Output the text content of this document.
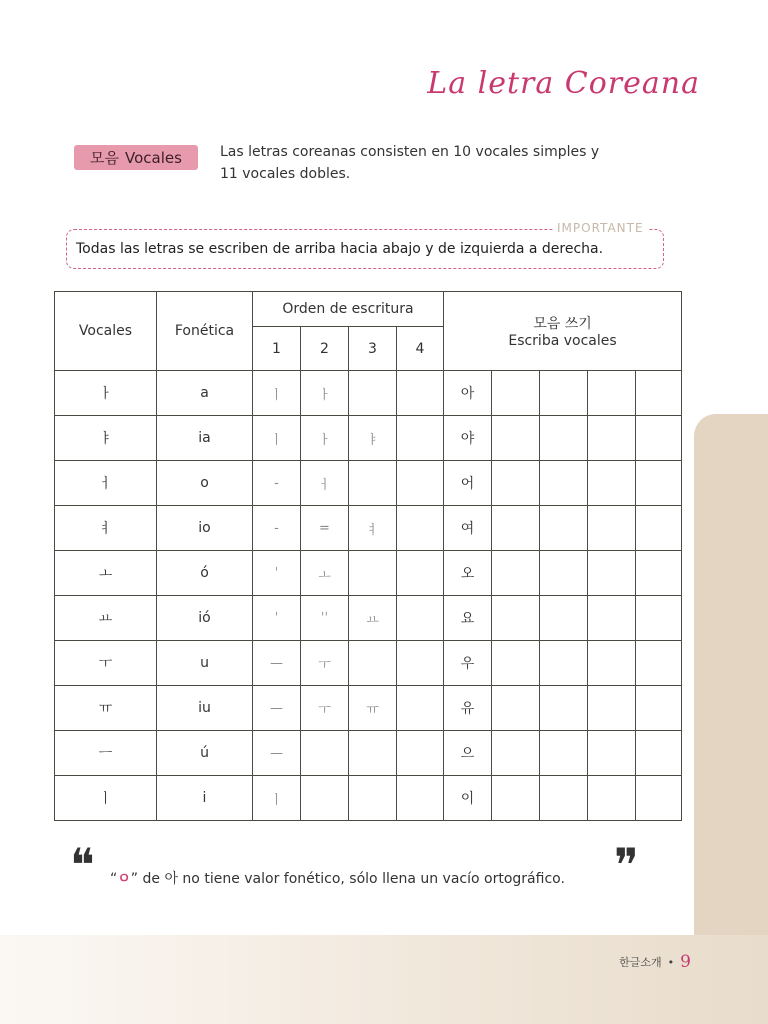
La letra Coreana
모음 Vocales	Las letras coreanas consisten en 10 vocales simples y
11 vocales dobles.
IMPORTANTE
Todas las letras se escriben de arriba hacia abajo y de izquierda a derecha.
Vocales	Fonética	Orden de escritura				모음 쓰기
Escriba vocales				

		1	2	3	4					
ㅏ	a	ㅣ	ㅏ			아				
ㅑ	ia	ㅣ	ㅏ	ㅑ		야				
ㅓ	o	-	ㅓ			어				
ㅕ	io	-	=	ㅕ		여				
ㅗ	ó	ˈ	ㅗ			오				
ㅛ	ió	ˈ	ˈˈ	ㅛ		요				
ㅜ	u	—	ㅜ			우				
ㅠ	iu	—	ㅜ	ㅠ		유				
ㅡ	ú	—				으				
ㅣ	i	ㅣ				이				
❝ “ㅇ” de 아 no tiene valor fonético, sólo llena un vacío ortográfico. ❞
한글소개 • 9
